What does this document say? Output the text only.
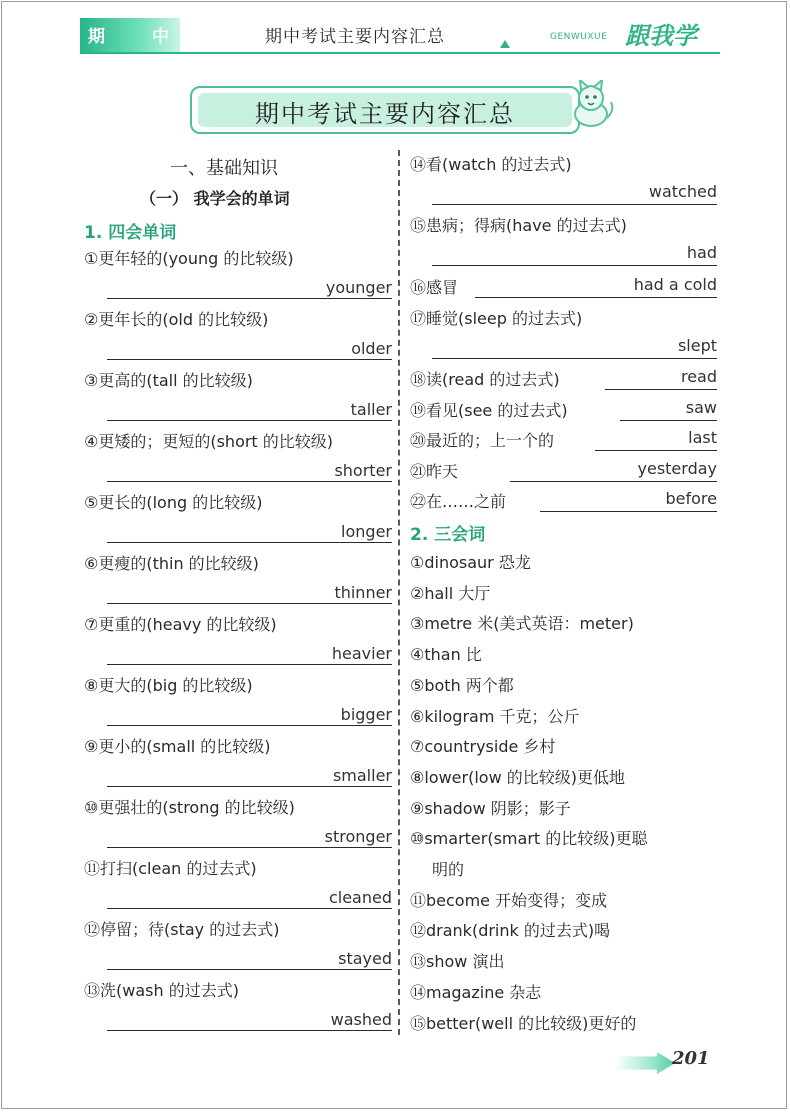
期	中	期中考试主要内容汇总	GENWUXUE 跟我学
期中考试主要内容汇总
一、基础知识
（一） 我学会的单词
1. 四会单词
①更年轻的(young 的比较级)
younger
②更年长的(old 的比较级)
older
③更高的(tall 的比较级)
taller
④更矮的；更短的(short 的比较级)
shorter
⑤更长的(long 的比较级)
longer
⑥更瘦的(thin 的比较级)
thinner
⑦更重的(heavy 的比较级)
heavier
⑧更大的(big 的比较级)
bigger
⑨更小的(small 的比较级)
smaller
⑩更强壮的(strong 的比较级)
stronger
⑪打扫(clean 的过去式)
cleaned
⑫停留；待(stay 的过去式)
stayed
⑬洗(wash 的过去式)
washed
⑭看(watch 的过去式)
watched
⑮患病；得病(have 的过去式)
had
⑯感冒	had a cold
⑰睡觉(sleep 的过去式)
slept
⑱读(read 的过去式)	read
⑲看见(see 的过去式)	saw
⑳最近的；上一个的	last
㉑昨天	yesterday
㉒在……之前	before
2. 三会词
①dinosaur 恐龙
②hall 大厅
③metre 米(美式英语：meter)
④than 比
⑤both 两个都
⑥kilogram 千克；公斤
⑦countryside 乡村
⑧lower(low 的比较级)更低地
⑨shadow 阴影；影子
⑩smarter(smart 的比较级)更聪
明的
⑪become 开始变得；变成
⑫drank(drink 的过去式)喝
⑬show 演出
⑭magazine 杂志
⑮better(well 的比较级)更好的
201
